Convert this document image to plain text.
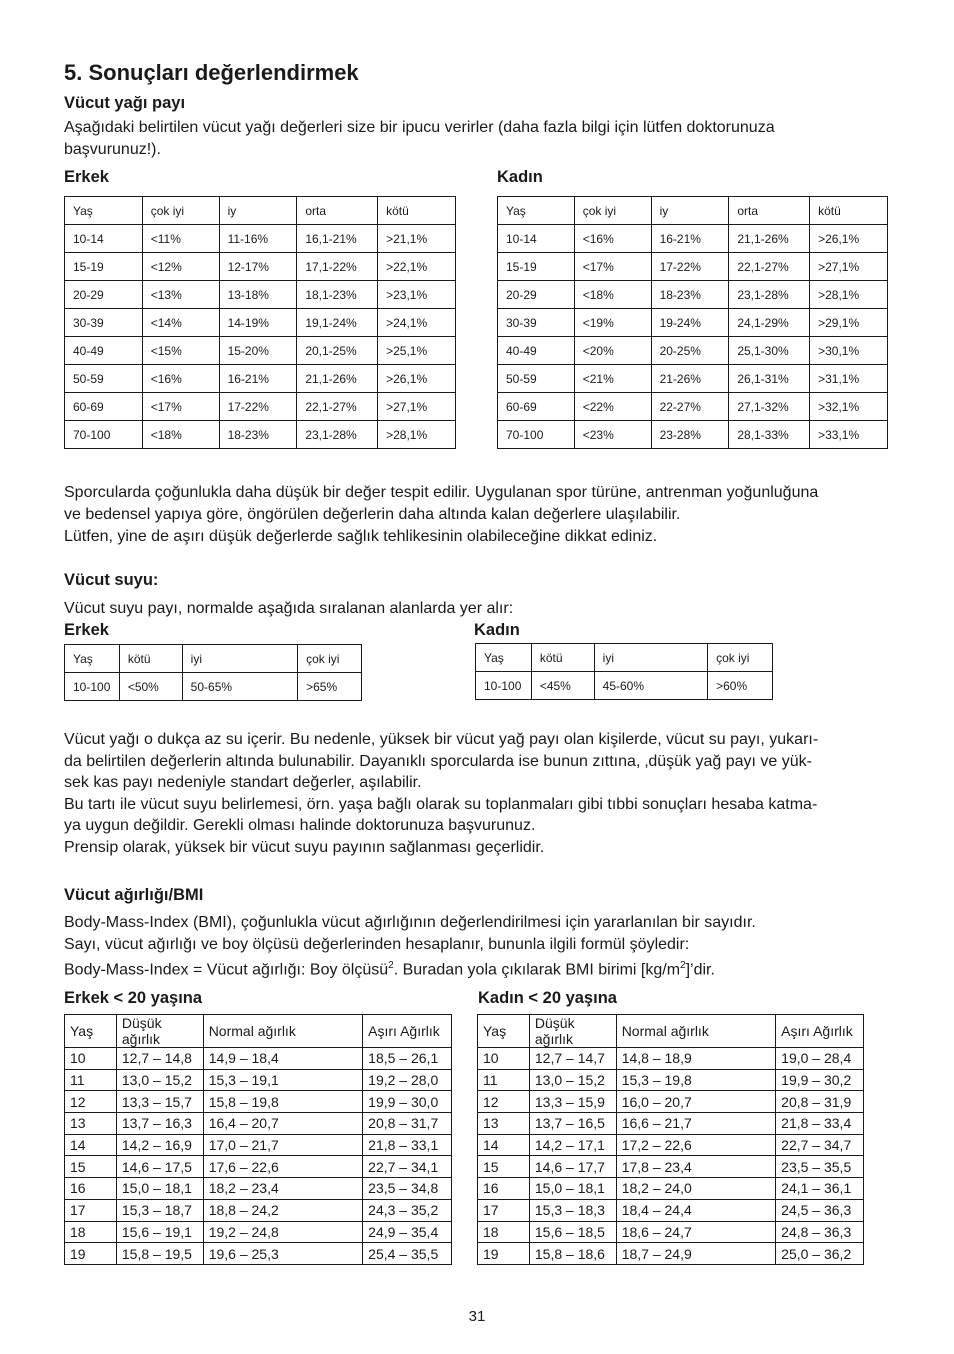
5. Sonuçları değerlendirmek
Vücut yağı payı
Aşağıdaki belirtilen vücut yağı değerleri size bir ipucu verirler (daha fazla bilgi için lütfen doktorunuza
başvurunuz!).
Erkek	Kadın
Yaş	çok iyi	iy	orta	kötü
10-14	<11%	11-16%	16,1-21%	>21,1%
15-19	<12%	12-17%	17,1-22%	>22,1%
20-29	<13%	13-18%	18,1-23%	>23,1%
30-39	<14%	14-19%	19,1-24%	>24,1%
40-49	<15%	15-20%	20,1-25%	>25,1%
50-59	<16%	16-21%	21,1-26%	>26,1%
60-69	<17%	17-22%	22,1-27%	>27,1%
70-100	<18%	18-23%	23,1-28%	>28,1%
Yaş	çok iyi	iy	orta	kötü
10-14	<16%	16-21%	21,1-26%	>26,1%
15-19	<17%	17-22%	22,1-27%	>27,1%
20-29	<18%	18-23%	23,1-28%	>28,1%
30-39	<19%	19-24%	24,1-29%	>29,1%
40-49	<20%	20-25%	25,1-30%	>30,1%
50-59	<21%	21-26%	26,1-31%	>31,1%
60-69	<22%	22-27%	27,1-32%	>32,1%
70-100	<23%	23-28%	28,1-33%	>33,1%
Sporcularda çoğunlukla daha düşük bir değer tespit edilir. Uygulanan spor türüne, antrenman yoğunluğuna
ve bedensel yapıya göre, öngörülen değerlerin daha altında kalan değerlere ulaşılabilir.
Lütfen, yine de aşırı düşük değerlerde sağlık tehlikesinin olabileceğine dikkat ediniz.
Vücut suyu:
Vücut suyu payı, normalde aşağıda sıralanan alanlarda yer alır:
Erkek	Kadın
Yaş	kötü	iyi	çok iyi
10-100	<50%	50-65%	>65%
Yaş	kötü	iyi	çok iyi
10-100	<45%	45-60%	>60%
Vücut yağı o dukça az su içerir. Bu nedenle, yüksek bir vücut yağ payı olan kişilerde, vücut su payı, yukarı-
da belirtilen değerlerin altında bulunabilir. Dayanıklı sporcularda ise bunun zıttına, ‚düşük yağ payı ve yük-
sek kas payı nedeniyle standart değerler, aşılabilir.
Bu tartı ile vücut suyu belirlemesi, örn. yaşa bağlı olarak su toplanmaları gibi tıbbi sonuçları hesaba katma-
ya uygun değildir. Gerekli olması halinde doktorunuza başvurunuz.
Prensip olarak, yüksek bir vücut suyu payının sağlanması geçerlidir.
Vücut ağırlığı/BMI
Body-Mass-Index (BMI), çoğunlukla vücut ağırlığının değerlendirilmesi için yararlanılan bir sayıdır.
Sayı, vücut ağırlığı ve boy ölçüsü değerlerinden hesaplanır, bununla ilgili formül şöyledir:
Body-Mass-Index = Vücut ağırlığı: Boy ölçüsü$^2$. Buradan yola çıkılarak BMI birimi $[kg/m^2]’dir$.
Erkek < 20 yaşına	Kadın < 20 yaşına
Yaş	Düşük ağırlık	Normal ağırlık	Aşırı Ağırlık
10	12,7 – 14,8	14,9 – 18,4	18,5 – 26,1
11	13,0 – 15,2	15,3 – 19,1	19,2 – 28,0
12	13,3 – 15,7	15,8 – 19,8	19,9 – 30,0
13	13,7 – 16,3	16,4 – 20,7	20,8 – 31,7
14	14,2 – 16,9	17,0 – 21,7	21,8 – 33,1
15	14,6 – 17,5	17,6 – 22,6	22,7 – 34,1
16	15,0 – 18,1	18,2 – 23,4	23,5 – 34,8
17	15,3 – 18,7	18,8 – 24,2	24,3 – 35,2
18	15,6 – 19,1	19,2 – 24,8	24,9 – 35,4
19	15,8 – 19,5	19,6 – 25,3	25,4 – 35,5
Yaş	Düşük ağırlık	Normal ağırlık	Aşırı Ağırlık
10	12,7 – 14,7	14,8 – 18,9	19,0 – 28,4
11	13,0 – 15,2	15,3 – 19,8	19,9 – 30,2
12	13,3 – 15,9	16,0 – 20,7	20,8 – 31,9
13	13,7 – 16,5	16,6 – 21,7	21,8 – 33,4
14	14,2 – 17,1	17,2 – 22,6	22,7 – 34,7
15	14,6 – 17,7	17,8 – 23,4	23,5 – 35,5
16	15,0 – 18,1	18,2 – 24,0	24,1 – 36,1
17	15,3 – 18,3	18,4 – 24,4	24,5 – 36,3
18	15,6 – 18,5	18,6 – 24,7	24,8 – 36,3
19	15,8 – 18,6	18,7 – 24,9	25,0 – 36,2
31
